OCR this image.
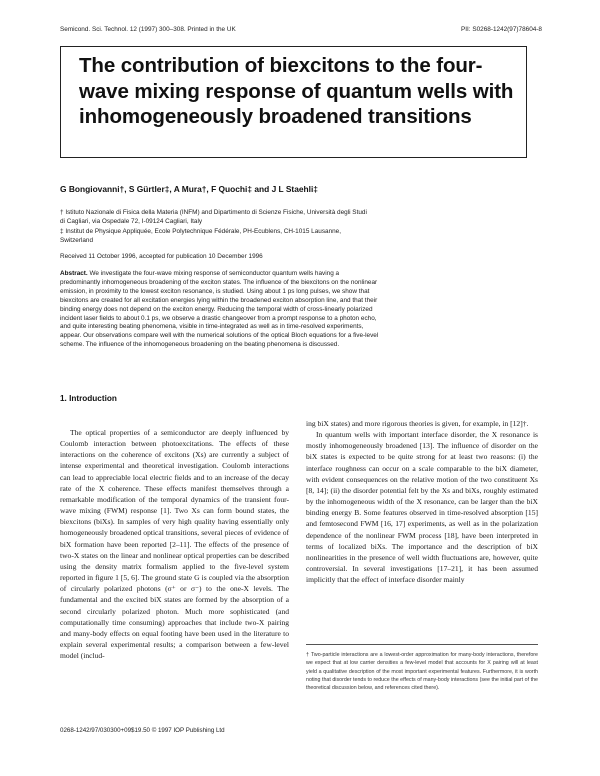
Semicond. Sci. Technol. 12 (1997) 300–308. Printed in the UK	PII: S0268-1242(97)78604-8
The contribution of biexcitons to the four-wave mixing response of quantum wells with inhomogeneously broadened transitions
G Bongiovanni†, S Gürtler‡, A Mura†, F Quochi‡ and J L Staehli‡
† Istituto Nazionale di Fisica della Materia (INFM) and Dipartimento di Scienze Fisiche, Università degli Studi di Cagliari, via Ospedale 72, I-09124 Cagliari, Italy
‡ Institut de Physique Appliquée, Ecole Polytechnique Fédérale, PH-Ecublens, CH-1015 Lausanne, Switzerland
Received 11 October 1996, accepted for publication 10 December 1996

Abstract. We investigate the four-wave mixing response of semiconductor quantum wells having a predominantly inhomogeneous broadening of the exciton states. The influence of the biexcitons on the nonlinear emission, in proximity to the lowest exciton resonance, is studied. Using about 1 ps long pulses, we show that biexcitons are created for all excitation energies lying within the broadened exciton absorption line, and that their binding energy does not depend on the exciton energy. Reducing the temporal width of cross-linearly polarized incident laser fields to about 0.1 ps, we observe a drastic changeover from a prompt response to a photon echo, and quite interesting beating phenomena, visible in time-integrated as well as in time-resolved experiments, appear. Our observations compare well with the numerical solutions of the optical Bloch equations for a five-level scheme. The influence of the inhomogeneous broadening on the beating phenomena is discussed.

1. Introduction

The optical properties of a semiconductor are deeply influenced by Coulomb interaction between photoexcitations. The effects of these interactions on the coherence of excitons (Xs) are currently a subject of intense experimental and theoretical investigation. Coulomb interactions can lead to appreciable local electric fields and to an increase of the decay rate of the X coherence. These effects manifest themselves through a remarkable modification of the temporal dynamics of the transient four-wave mixing (FWM) response [1]. Two Xs can form bound states, the biexcitons (biXs). In samples of very high quality having essentially only homogeneously broadened optical transitions, several pieces of evidence of biX formation have been reported [2–11]. The effects of the presence of two-X states on the linear and nonlinear optical properties can be described using the density matrix formalism applied to the five-level system reported in figure 1 [5, 6]. The ground state G is coupled via the absorption of circularly polarized photons (σ⁺ or σ⁻) to the one-X levels. The fundamental and the excited biX states are formed by the absorption of a second circularly polarized photon. Much more sophisticated (and computationally time consuming) approaches that include two-X pairing and many-body effects on equal footing have been used in the literature to explain several experimental results; a comparison between a few-level model (includ-

ing biX states) and more rigorous theories is given, for example, in [12]†.

In quantum wells with important interface disorder, the X resonance is mostly inhomogeneously broadened [13]. The influence of disorder on the biX states is expected to be quite strong for at least two reasons: (i) the interface roughness can occur on a scale comparable to the biX diameter, with evident consequences on the relative motion of the two constituent Xs [8, 14]; (ii) the disorder potential felt by the Xs and biXs, roughly estimated by the inhomogeneous width of the X resonance, can be larger than the biX binding energy B. Some features observed in time-resolved absorption [15] and femtosecond FWM [16, 17] experiments, as well as in the polarization dependence of the nonlinear FWM process [18], have been interpreted in terms of localized biXs. The importance and the description of biX nonlinearities in the presence of well width fluctuations are, however, quite controversial. In several investigations [17–21], it has been assumed implicitly that the effect of interface disorder mainly

† Two-particle interactions are a lowest-order approximation for many-body interactions, therefore we expect that at low carrier densities a few-level model that accounts for X pairing will at least yield a qualitative description of the most important experimental features. Furthermore, it is worth noting that disorder tends to reduce the effects of many-body interactions (see the initial part of the theoretical discussion below, and references cited there).

0268-1242/97/030300+09$19.50 © 1997 IOP Publishing Ltd
